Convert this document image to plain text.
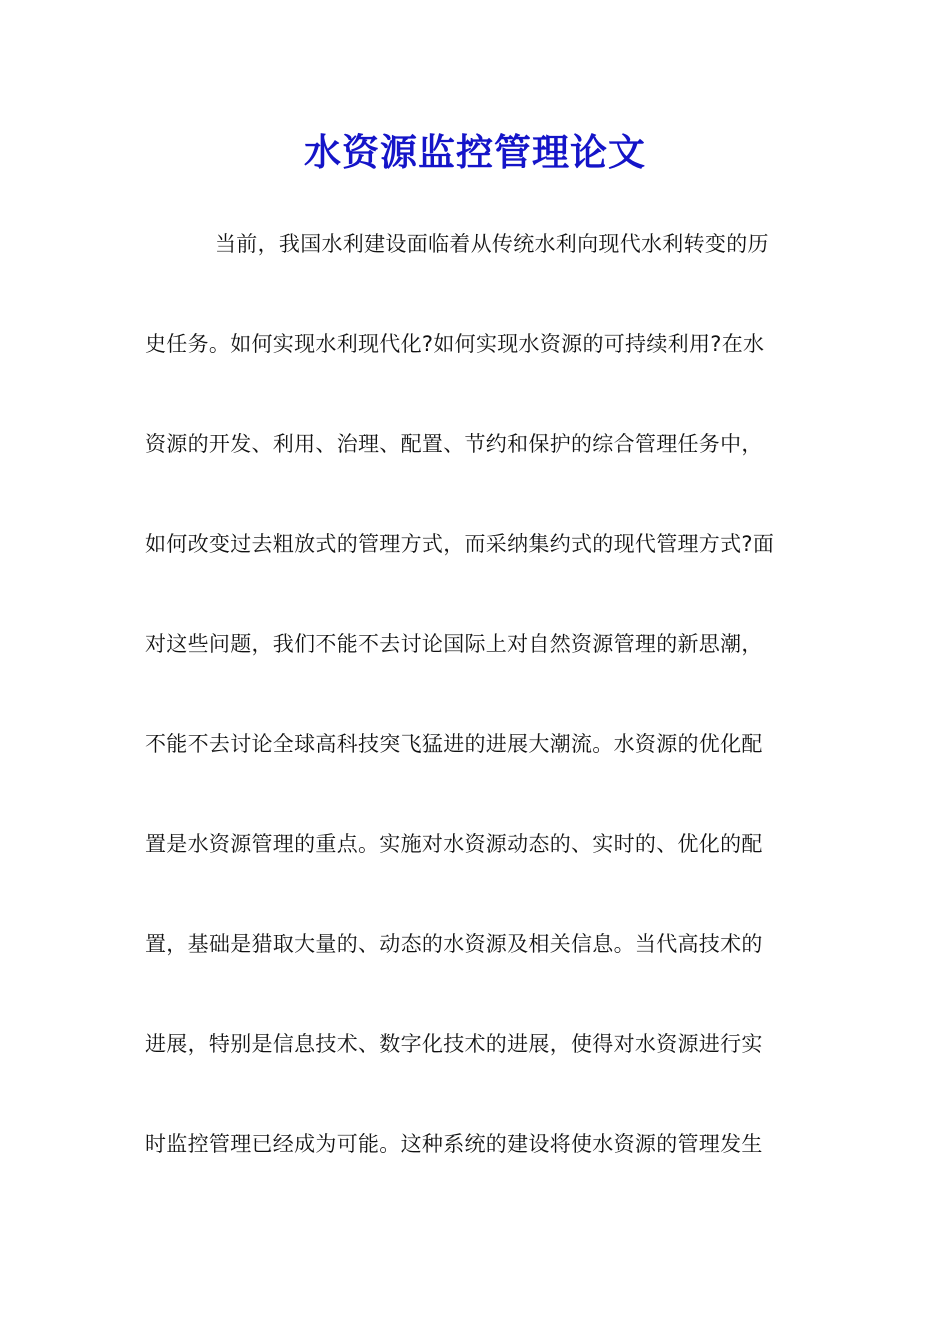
水资源监控管理论文
当前，我国水利建设面临着从传统水利向现代水利转变的历
史任务。如何实现水利现代化?如何实现水资源的可持续利用?在水
资源的开发、利用、治理、配置、节约和保护的综合管理任务中，
如何改变过去粗放式的管理方式，而采纳集约式的现代管理方式?面
对这些问题，我们不能不去讨论国际上对自然资源管理的新思潮，
不能不去讨论全球高科技突飞猛进的进展大潮流。水资源的优化配
置是水资源管理的重点。实施对水资源动态的、实时的、优化的配
置，基础是猎取大量的、动态的水资源及相关信息。当代高技术的
进展，特别是信息技术、数字化技术的进展，使得对水资源进行实
时监控管理已经成为可能。这种系统的建设将使水资源的管理发生
